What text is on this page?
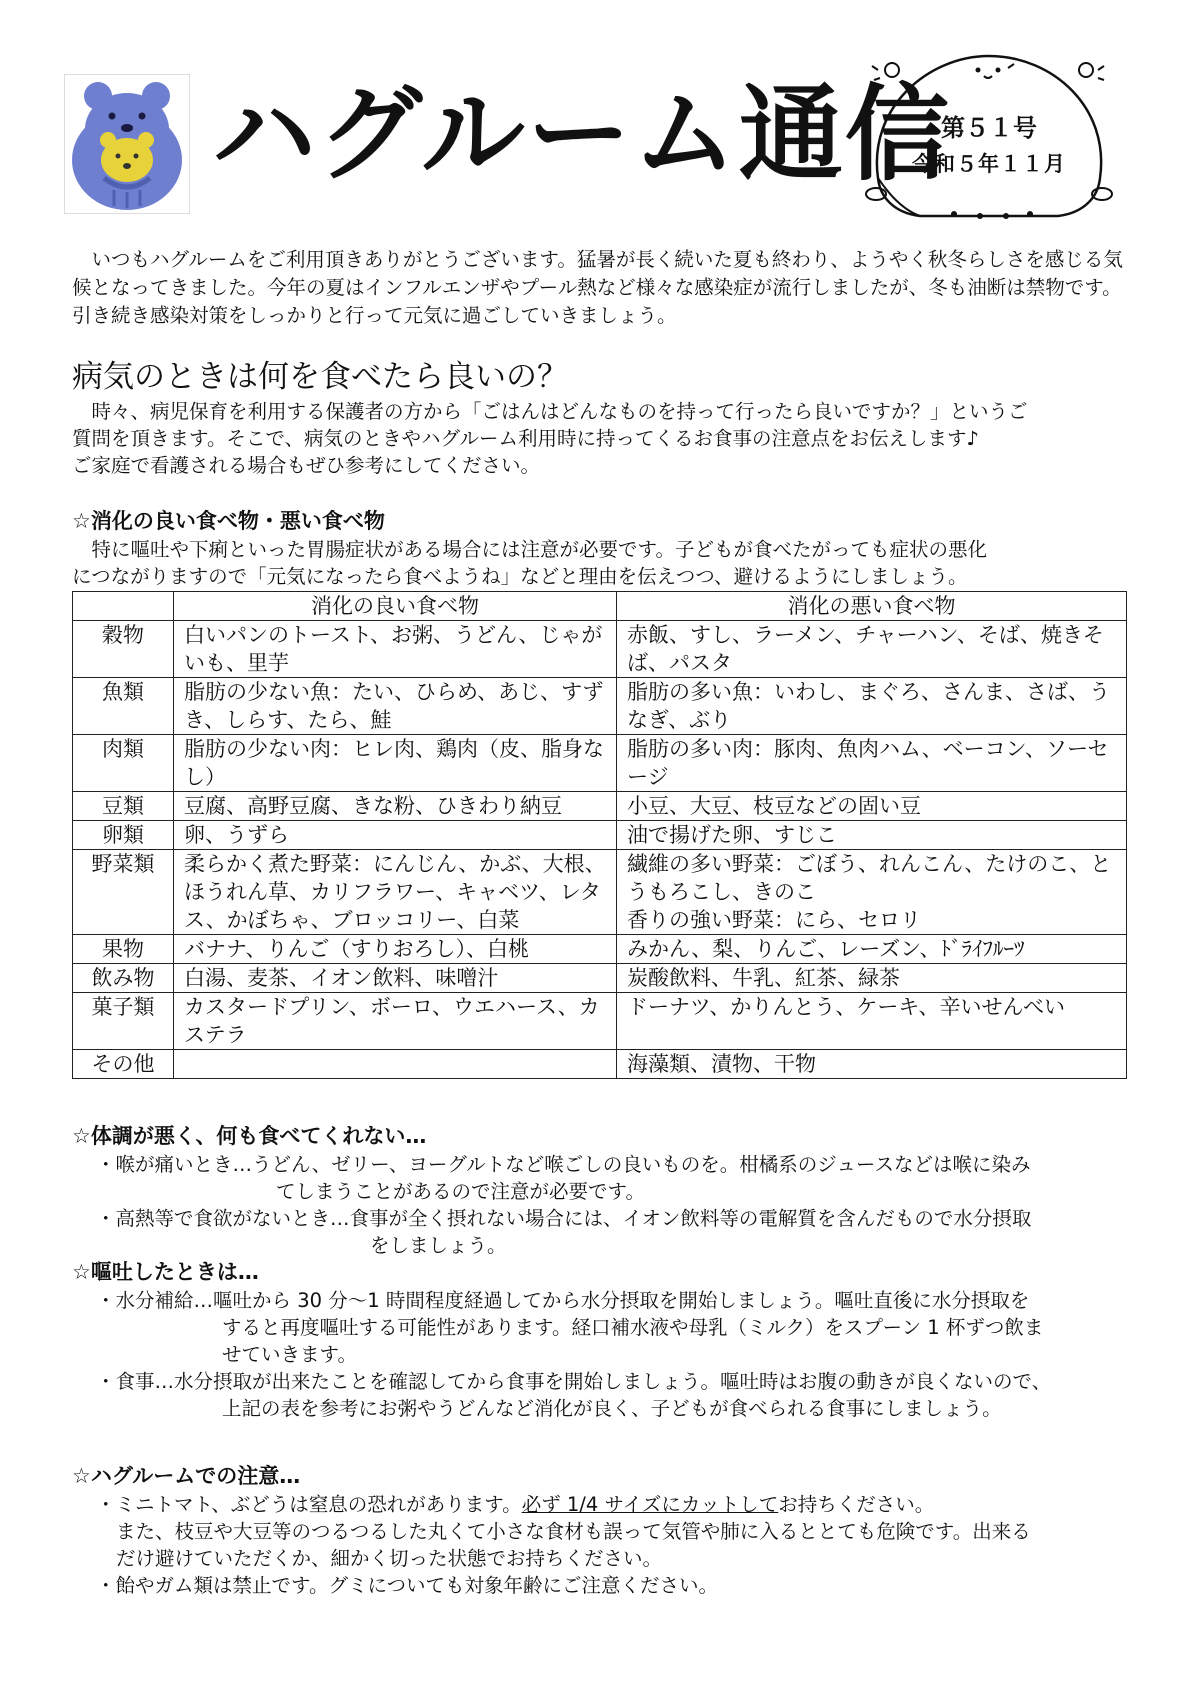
ハグルーム通信
第５１号
令和５年１１月

いつもハグルームをご利用頂きありがとうございます。猛暑が長く続いた夏も終わり、ようやく秋冬らしさを感じる気候となってきました。今年の夏はインフルエンザやプール熱など様々な感染症が流行しましたが、冬も油断は禁物です。引き続き感染対策をしっかりと行って元気に過ごしていきましょう。

病気のときは何を食べたら良いの？
時々、病児保育を利用する保護者の方から「ごはんはどんなものを持って行ったら良いですか？」というご
質問を頂きます。そこで、病気のときやハグルーム利用時に持ってくるお食事の注意点をお伝えします♪
ご家庭で看護される場合もぜひ参考にしてください。
☆消化の良い食べ物・悪い食べ物
特に嘔吐や下痢といった胃腸症状がある場合には注意が必要です。子どもが食べたがっても症状の悪化
につながりますので「元気になったら食べようね」などと理由を伝えつつ、避けるようにしましょう。
	消化の良い食べ物	消化の悪い食べ物
穀物	白いパンのトースト、お粥、うどん、じゃがいも、里芋	赤飯、すし、ラーメン、チャーハン、そば、焼きそば、パスタ
魚類	脂肪の少ない魚：たい、ひらめ、あじ、すずき、しらす、たら、鮭	脂肪の多い魚：いわし、まぐろ、さんま、さば、うなぎ、ぶり
肉類	脂肪の少ない肉：ヒレ肉、鶏肉（皮、脂身なし）	脂肪の多い肉：豚肉、魚肉ハム、ベーコン、ソーセージ
豆類	豆腐、高野豆腐、きな粉、ひきわり納豆	小豆、大豆、枝豆などの固い豆
卵類	卵、うずら	油で揚げた卵、すじこ
野菜類	柔らかく煮た野菜：にんじん、かぶ、大根、ほうれん草、カリフラワー、キャベツ、レタス、かぼちゃ、ブロッコリー、白菜	繊維の多い野菜：ごぼう、れんこん、たけのこ、とうもろこし、きのこ
香りの強い野菜：にら、セロリ

果物	バナナ、りんご（すりおろし）、白桃	みかん、梨、りんご、レーズン、ﾄﾞﾗｲﾌﾙｰﾂ
飲み物	白湯、麦茶、イオン飲料、味噌汁	炭酸飲料、牛乳、紅茶、緑茶
菓子類	カスタードプリン、ボーロ、ウエハース、カステラ	ドーナツ、かりんとう、ケーキ、辛いせんべい
その他		海藻類、漬物、干物
☆体調が悪く、何も食べてくれない…
・喉が痛いとき…うどん、ゼリー、ヨーグルトなど喉ごしの良いものを。柑橘系のジュースなどは喉に染み
てしまうことがあるので注意が必要です。
・高熱等で食欲がないとき…食事が全く摂れない場合には、イオン飲料等の電解質を含んだもので水分摂取
をしましょう。
☆嘔吐したときは…
・水分補給…嘔吐から 30 分～1 時間程度経過してから水分摂取を開始しましょう。嘔吐直後に水分摂取を
すると再度嘔吐する可能性があります。経口補水液や母乳（ミルク）をスプーン 1 杯ずつ飲ま
せていきます。
・食事…水分摂取が出来たことを確認してから食事を開始しましょう。嘔吐時はお腹の動きが良くないので、
上記の表を参考にお粥やうどんなど消化が良く、子どもが食べられる食事にしましょう。
☆ハグルームでの注意…
・ミニトマト、ぶどうは窒息の恐れがあります。必ず 1/4 サイズにカットしてお持ちください。
また、枝豆や大豆等のつるつるした丸くて小さな食材も誤って気管や肺に入るととても危険です。出来る
だけ避けていただくか、細かく切った状態でお持ちください。
・飴やガム類は禁止です。グミについても対象年齢にご注意ください。
